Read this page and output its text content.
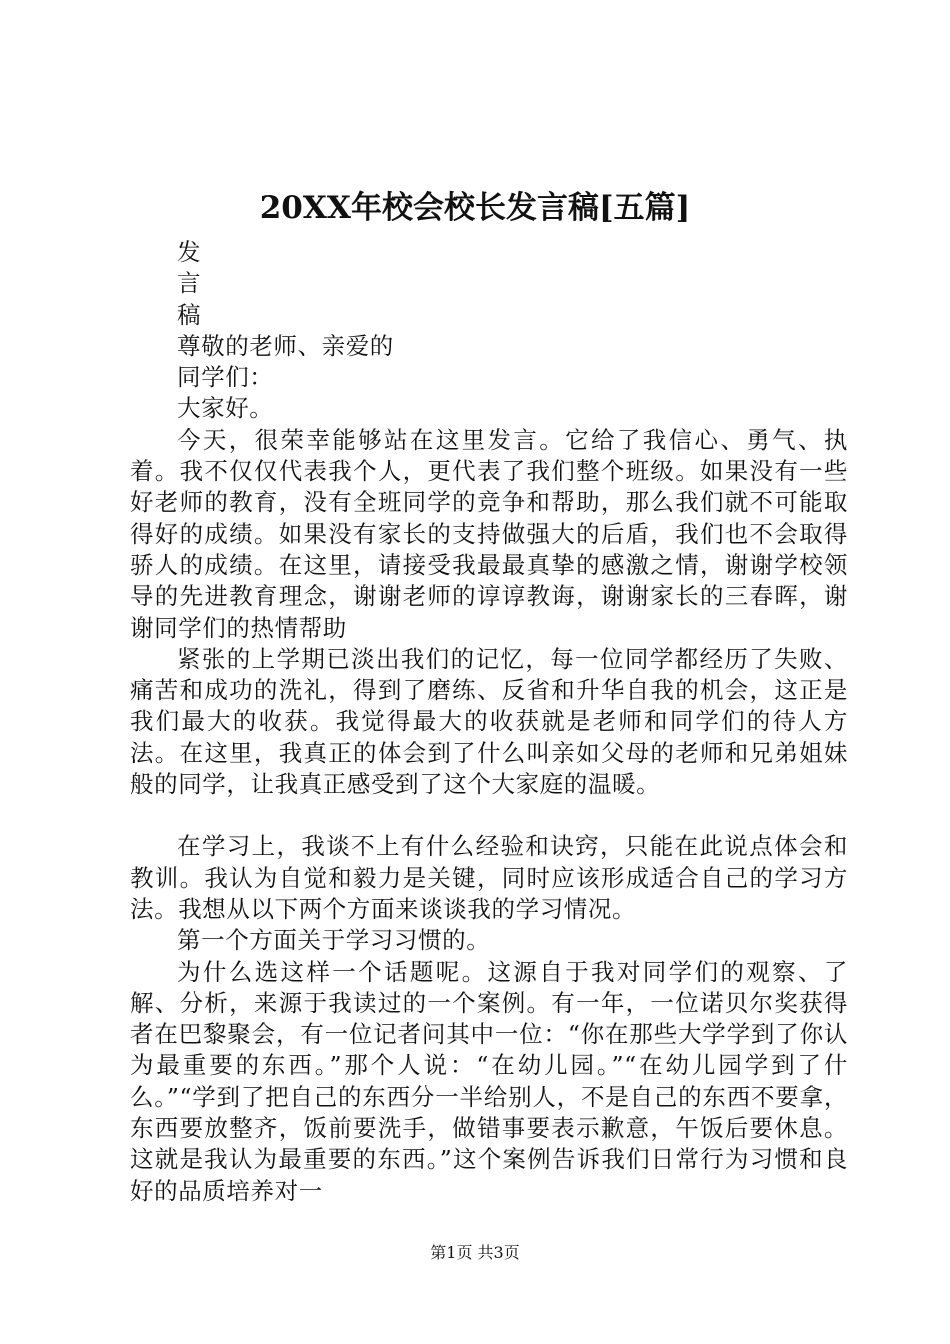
20XX年校会校长发言稿[五篇]

发

言

稿

尊敬的老师、亲爱的

同学们：

大家好。

今天，很荣幸能够站在这里发言。它给了我信心、勇气、执着。我不仅仅代表我个人，更代表了我们整个班级。如果没有一些好老师的教育，没有全班同学的竞争和帮助，那么我们就不可能取得好的成绩。如果没有家长的支持做强大的后盾，我们也不会取得骄人的成绩。在这里，请接受我最最真挚的感激之情，谢谢学校领导的先进教育理念，谢谢老师的谆谆教诲，谢谢家长的三春晖，谢谢同学们的热情帮助

紧张的上学期已淡出我们的记忆，每一位同学都经历了失败、痛苦和成功的洗礼，得到了磨练、反省和升华自我的机会，这正是我们最大的收获。我觉得最大的收获就是老师和同学们的待人方法。在这里，我真正的体会到了什么叫亲如父母的老师和兄弟姐妹般的同学，让我真正感受到了这个大家庭的温暖。

在学习上，我谈不上有什么经验和诀窍，只能在此说点体会和教训。我认为自觉和毅力是关键，同时应该形成适合自己的学习方法。我想从以下两个方面来谈谈我的学习情况。

第一个方面关于学习习惯的。

为什么选这样一个话题呢。这源自于我对同学们的观察、了解、分析，来源于我读过的一个案例。有一年，一位诺贝尔奖获得者在巴黎聚会，有一位记者问其中一位：“你在那些大学学到了你认为最重要的东西。”那个人说：“在幼儿园。”“在幼儿园学到了什么。”“学到了把自己的东西分一半给别人，不是自己的东西不要拿，东西要放整齐，饭前要洗手，做错事要表示歉意，午饭后要休息。这就是我认为最重要的东西。”这个案例告诉我们日常行为习惯和良好的品质培养对一

第1页 共3页
